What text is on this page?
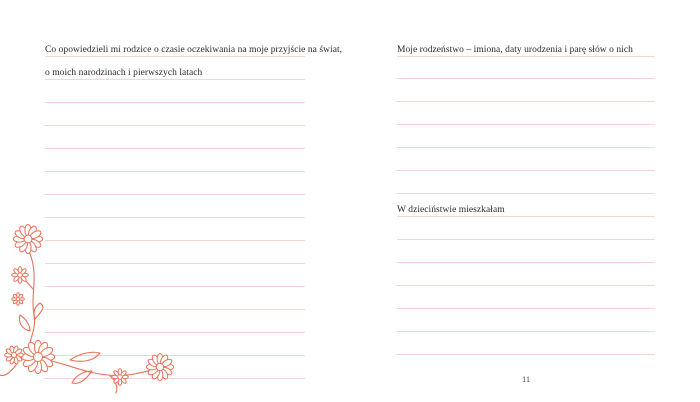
Co opowiedzieli mi rodzice o czasie oczekiwania na moje przyjście na świat,
o moich narodzinach i pierwszych latach
Moje rodzeństwo – imiona, daty urodzenia i parę słów o nich
W dzieciństwie mieszkałam
11
